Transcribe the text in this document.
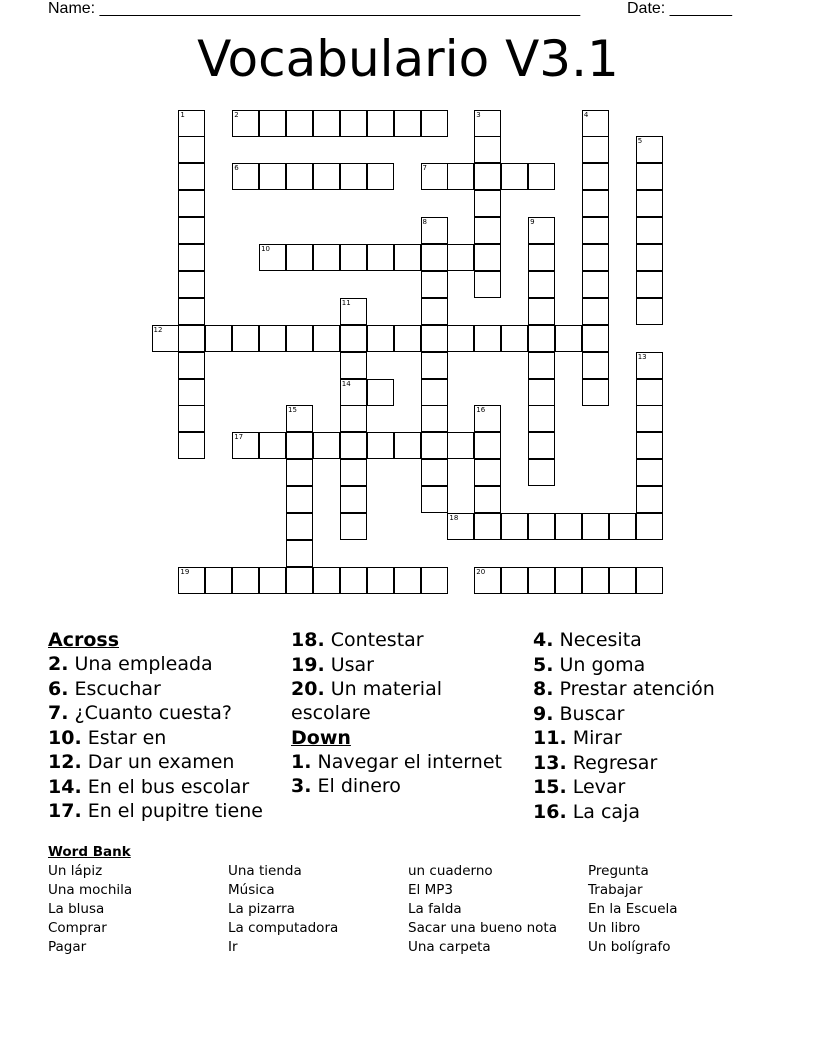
Name: ______________________________________________________	Date: _______
Vocabulario V3.1
1	2	3	4
5
6	7
8	9
10
11
14
12
13
15	16
17
18
19	20
Across
2. Una empleada
6. Escuchar
7. ¿Cuanto cuesta?
10. Estar en
12. Dar un examen
14. En el bus escolar
17. En el pupitre tiene
18. Contestar
19. Usar
20. Un material escolare
Down
1. Navegar el internet
3. El dinero
4. Necesita
5. Un goma
8. Prestar atención
9. Buscar
11. Mirar
13. Regresar
15. Levar
16. La caja
Word Bank
Un lápiz
Una mochila
La blusa
Comprar
Pagar
Una tienda
Música
La pizarra
La computadora
Ir
un cuaderno
El MP3
La falda
Sacar una bueno nota
Una carpeta
Pregunta
Trabajar
En la Escuela
Un libro
Un bolígrafo
